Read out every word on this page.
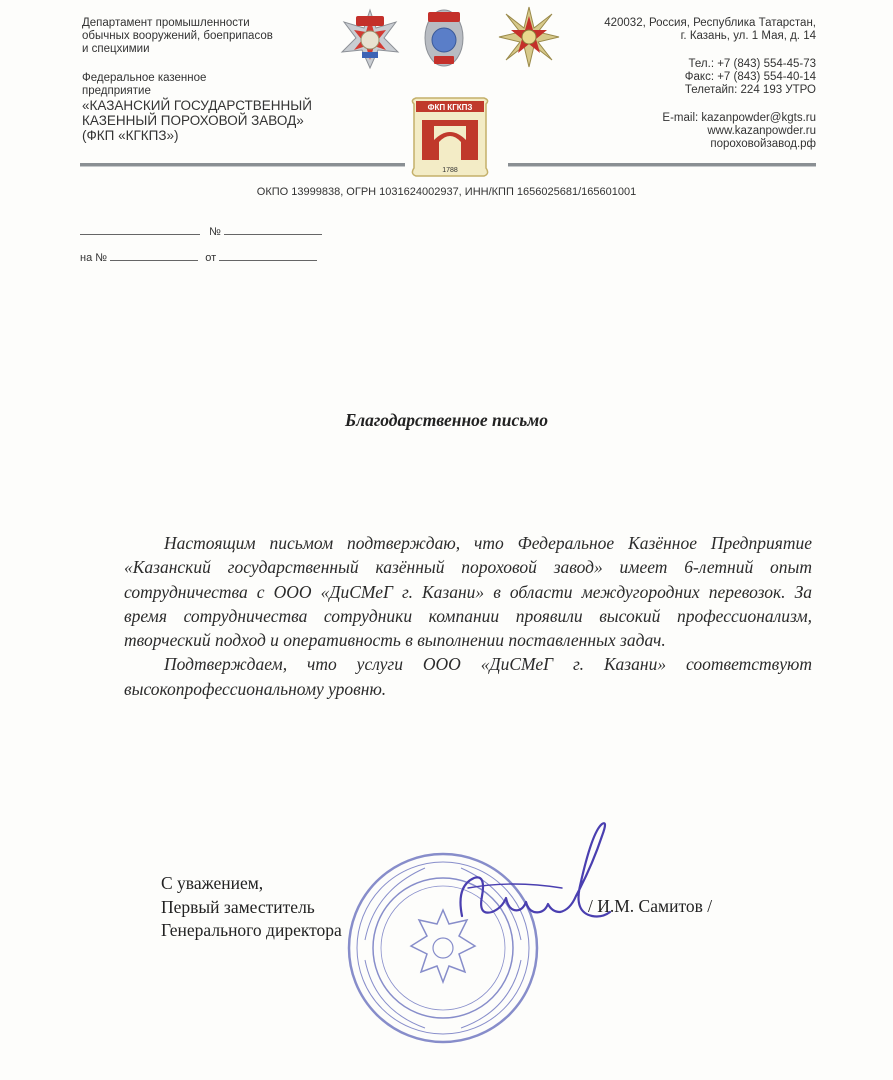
Департамент промышленности
обычных вооружений, боеприпасов
и спецхимии
Федеральное казенное
предприятие
«КАЗАНСКИЙ ГОСУДАРСТВЕННЫЙ
КАЗЕННЫЙ ПОРОХОВОЙ ЗАВОД»
(ФКП «КГКПЗ»)
420032, Россия, Республика Татарстан,
г. Казань, ул. 1 Мая, д. 14
Тел.: +7 (843) 554-45-73
Факс: +7 (843) 554-40-14
Телетайп: 224 193 УТРО
E-mail: kazanpowder@kgts.ru
www.kazanpowder.ru
пороховойзавод.рф
ФКП КГКПЗ
1788
ОКПО 13999838, ОГРН 1031624002937, ИНН/КПП 1656025681/165601001
№
на №	от
Благодарственное письмо

Настоящим письмом подтверждаю, что Федеральное Казённое Предприятие «Казанский государственный казённый пороховой завод» имеет 6-летний опыт сотрудничества с ООО «ДиСМеГ г. Казани» в области междугородних перевозок. За время сотрудничества сотрудники компании проявили высокий профессионализм, творческий подход и оперативность в выполнении поставленных задач.

Подтверждаем, что услуги ООО «ДиСМеГ г. Казани» соответствуют высокопрофессиональному уровню.

С уважением,
Первый заместитель
Генерального директора
/ И.М. Самитов /
